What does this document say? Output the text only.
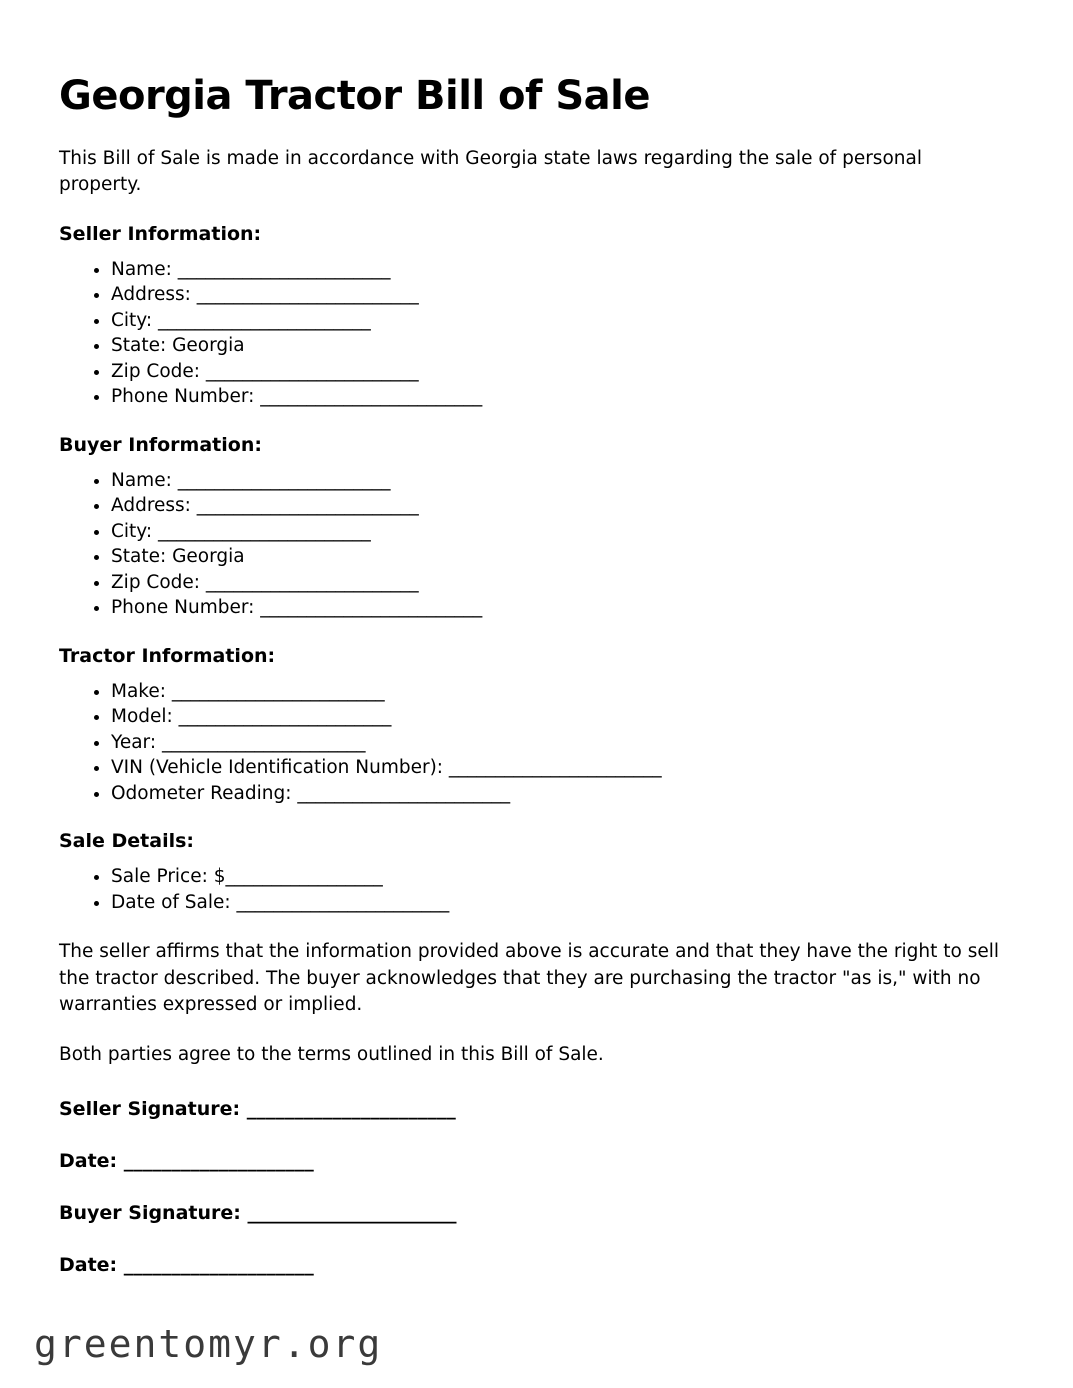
Georgia Tractor Bill of Sale

This Bill of Sale is made in accordance with Georgia state laws regarding the sale of personal property.

Seller Information:
• Name: _______________________
• Address: ________________________
• City: _______________________
• State: Georgia
• Zip Code: _______________________
• Phone Number: ________________________
Buyer Information:
• Name: _______________________
• Address: ________________________
• City: _______________________
• State: Georgia
• Zip Code: _______________________
• Phone Number: ________________________
Tractor Information:
• Make: _______________________
• Model: _______________________
• Year: ______________________
• VIN (Vehicle Identification Number): _______________________
• Odometer Reading: _______________________
Sale Details:
• Sale Price: $_________________
• Date of Sale: _______________________

The seller affirms that the information provided above is accurate and that they have the right to sell the tractor described. The buyer acknowledges that they are purchasing the tractor "as is," with no warranties expressed or implied.

Both parties agree to the terms outlined in this Bill of Sale.

Seller Signature: ______________________
Date: ____________________
Buyer Signature: ______________________
Date: ____________________
greentomyr.org
